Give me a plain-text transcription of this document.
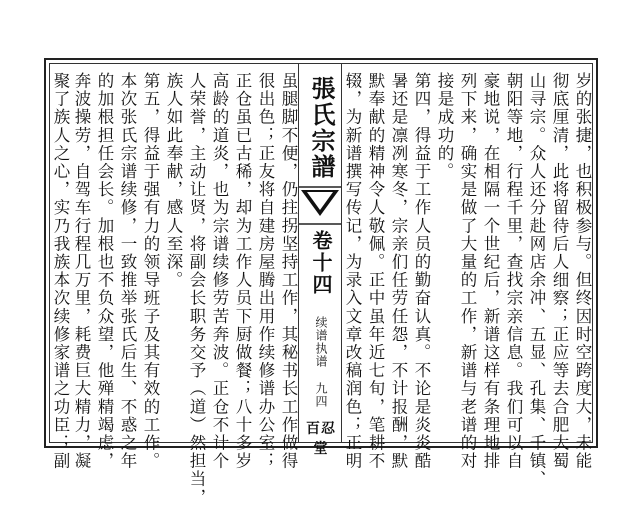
岁的张捷，也积极参与。但终因时空跨度大，未能
彻底厘清，此将留待后人细察；正应等去合肥大蜀
山寻宗。众人还分赴网店余冲、五显、孔集、千镇、
朝阳等地，行程千里，查找宗亲信息。我们可以自
豪地说，在相隔一个世纪后，新谱这样有条理地排
列下来，确实是做了大量的工作，新谱与老谱的对
接是成功的。
第四，得益于工作人员的勤奋认真。不论是炎炎酷
暑还是凛冽寒冬，宗亲们任劳任怨，不计报酬，默
默奉献的精神令人敬佩。正中虽年近七旬，笔耕不
辍，为新谱撰写传记，为录入文章改稿润色；正明
張氏宗譜
卷十四
续谱执谱
九四
百忍堂
虽腿脚不便，仍拄拐坚持工作，其秘书长工作做得
很出色；正友将自建房屋腾出用作续修谱办公室；
正仓虽已古稀，却为工作人员下厨做餐；八十多岁
高龄的道炎，也为宗谱续修劳苦奔波。正仓不计个
人荣誉，主动让贤，将副会长职务交予（道）然担当，
族人如此奉献，感人至深。
第五，得益于强有力的领导班子及其有效的工作。
本次张氏宗谱续修，一致推举张氏后生、不惑之年
的加根担任会长。加根也不负众望，他殚精竭虑，
奔波操劳，自驾车行程几万里，耗费巨大精力，凝
聚了族人之心，实乃我族本次续修家谱之功臣；副
